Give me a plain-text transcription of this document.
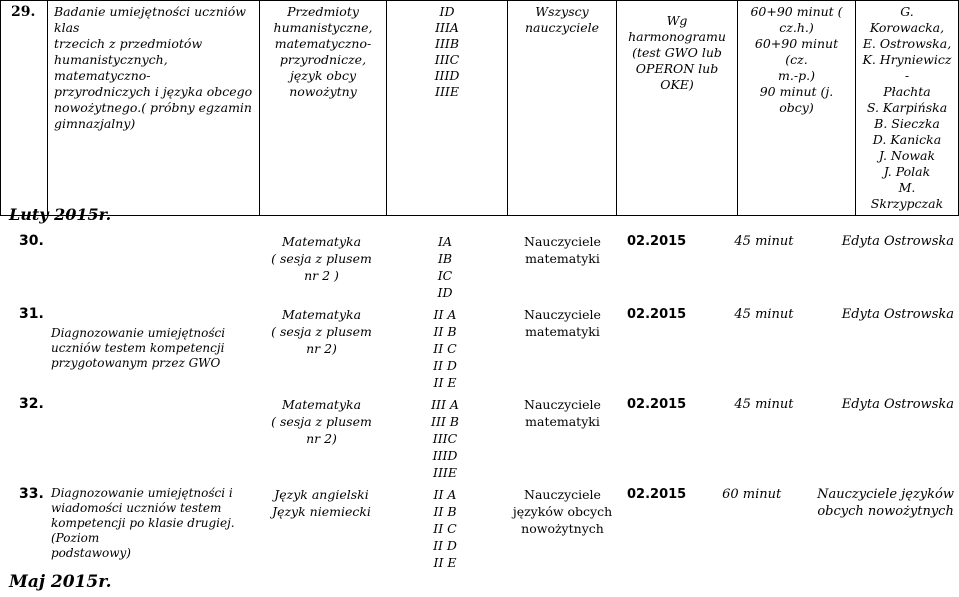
29.	Badanie umiejętności uczniów klas
trzecich z przedmiotów
humanistycznych, matematyczno-
przyrodniczych i języka obcego
nowożytnego.( próbny egzamin
gimnazjalny)	Przedmioty
humanistyczne,
matematyczno-
przyrodnicze,
język obcy
nowożytny	ID
IIIA
IIIB
IIIC
IIID
IIIE	Wszyscy
nauczyciele	Wg
harmonogramu
(test GWO lub
OPERON lub
OKE)	60+90 minut ( cz.h.)
60+90 minut (cz.
m.-p.)
90 minut (j. obcy)	G. Korowacka,
E. Ostrowska,
K. Hryniewicz -
Płachta
S. Karpińska
B. Sieczka
D. Kanicka
J. Nowak
J. Polak
M. Skrzypczak
Luty 2015r.
30.		Matematyka
( sesja z plusem
nr 2 )	IA
IB
IC
ID	Nauczyciele
matematyki	02.2015 45 minut Edyta Ostrowska

31.	Diagnozowanie umiejętności
uczniów testem kompetencji
przygotowanym przez GWO	Matematyka
( sesja z plusem
nr 2)	II A
II B
II C
II D
II E	Nauczyciele
matematyki	02.2015 45 minut Edyta Ostrowska

32.		Matematyka
( sesja z plusem
nr 2)	III A
III B
IIIC
IIID
IIIE	Nauczyciele
matematyki	02.2015 45 minut Edyta Ostrowska

33.	Diagnozowanie umiejętności i
wiadomości uczniów testem
kompetencji po klasie drugiej. (Poziom
podstawowy)	Język angielski
Język niemiecki	II A
II B
II C
II D
II E	Nauczyciele
języków obcych
nowożytnych	02.2015 60 minut Nauczyciele języków
obcych nowożytnych
Maj 2015r.
